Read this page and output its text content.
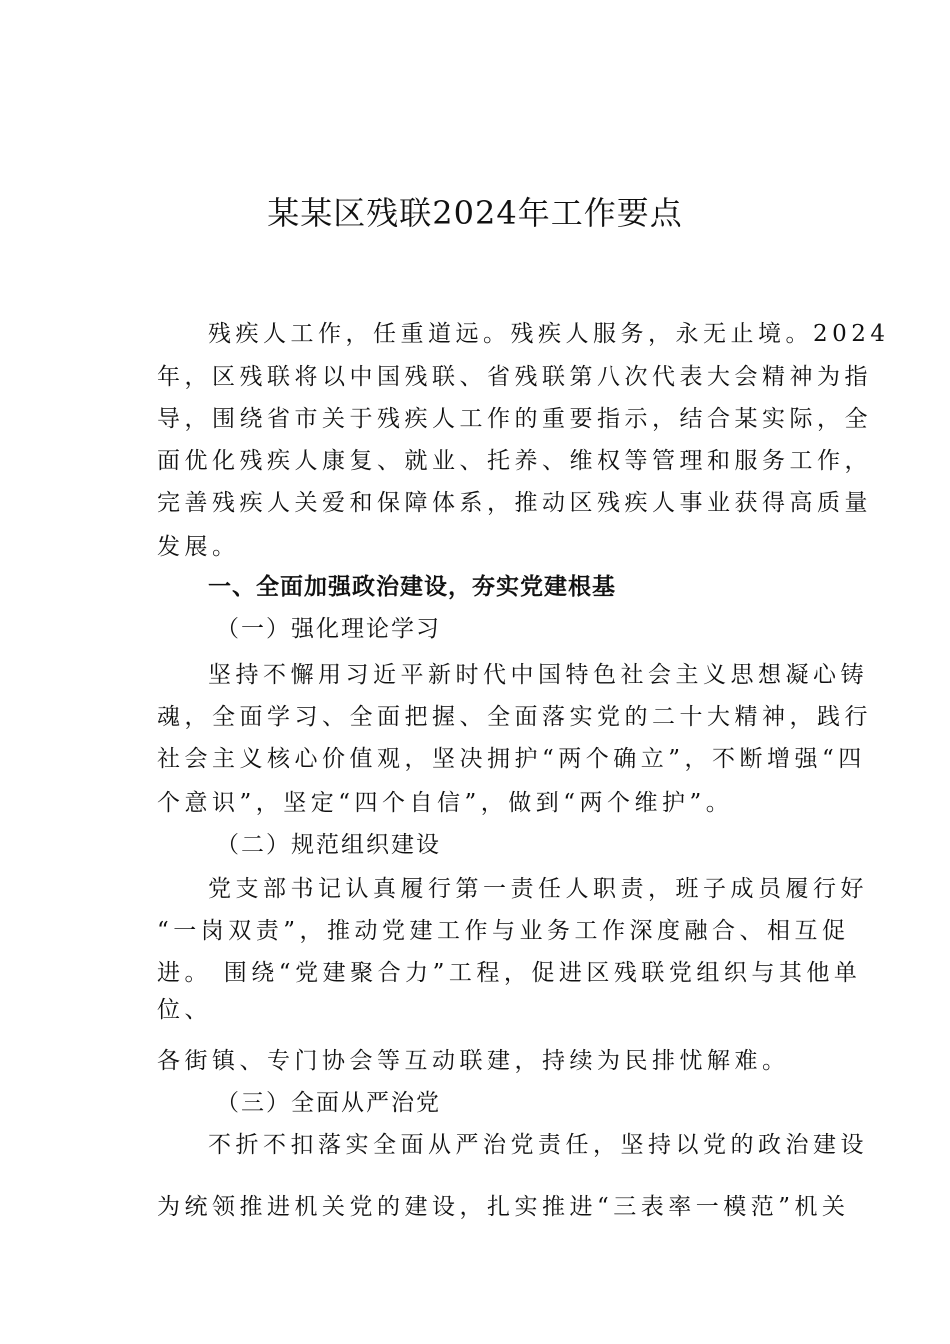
某某区残联2024年工作要点
残疾人工作，任重道远。残疾人服务，永无止境。2024
年，区残联将以中国残联、省残联第八次代表大会精神为指
导，围绕省市关于残疾人工作的重要指示，结合某实际，全
面优化残疾人康复、就业、托养、维权等管理和服务工作，
完善残疾人关爱和保障体系，推动区残疾人事业获得高质量
发展。
一、全面加强政治建设，夯实党建根基
（一）强化理论学习
坚持不懈用习近平新时代中国特色社会主义思想凝心铸
魂，全面学习、全面把握、全面落实党的二十大精神，践行
社会主义核心价值观，坚决拥护“两个确立”，不断增强“四
个意识”，坚定“四个自信”，做到“两个维护”。
（二）规范组织建设
党支部书记认真履行第一责任人职责，班子成员履行好
“一岗双责”，推动党建工作与业务工作深度融合、相互促
进。 围绕“党建聚合力”工程，促进区残联党组织与其他单
位、
各街镇、专门协会等互动联建，持续为民排忧解难。
（三）全面从严治党
不折不扣落实全面从严治党责任，坚持以党的政治建设
为统领推进机关党的建设，扎实推进“三表率一模范”机关
